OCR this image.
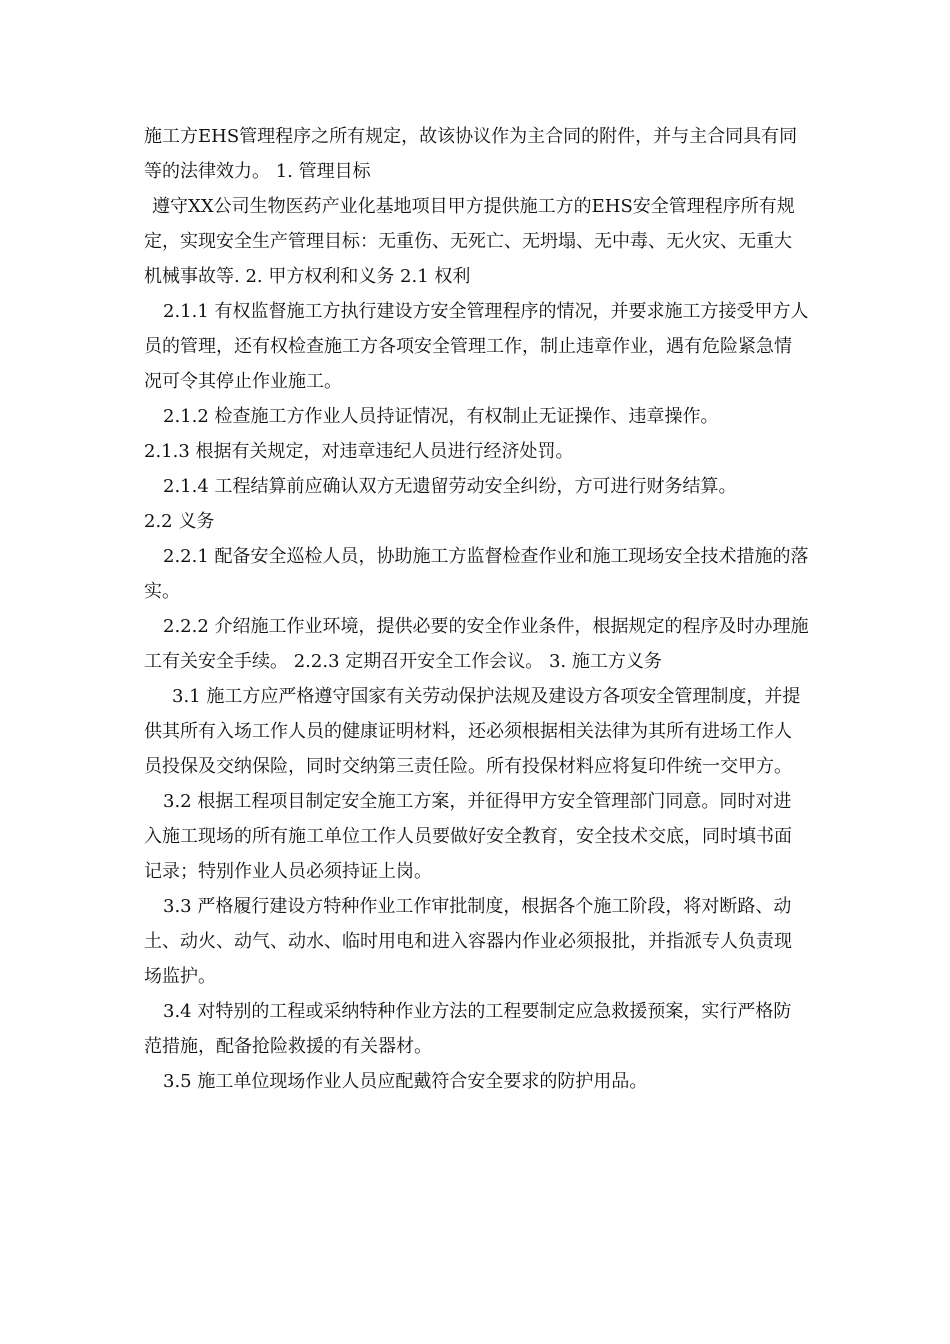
施工方EHS管理程序之所有规定，故该协议作为主合同的附件，并与主合同具有同等的法律效力。 1. 管理目标

遵守XX公司生物医药产业化基地项目甲方提供施工方的EHS安全管理程序所有规定，实现安全生产管理目标：无重伤、无死亡、无坍塌、无中毒、无火灾、无重大机械事故等. 2. 甲方权利和义务 2.1 权利

2.1.1 有权监督施工方执行建设方安全管理程序的情况，并要求施工方接受甲方人员的管理，还有权检查施工方各项安全管理工作，制止违章作业，遇有危险紧急情况可令其停止作业施工。

2.1.2 检查施工方作业人员持证情况，有权制止无证操作、违章操作。

2.1.3 根据有关规定，对违章违纪人员进行经济处罚。

2.1.4 工程结算前应确认双方无遗留劳动安全纠纷，方可进行财务结算。

2.2 义务

2.2.1 配备安全巡检人员，协助施工方监督检查作业和施工现场安全技术措施的落实。

2.2.2 介绍施工作业环境，提供必要的安全作业条件，根据规定的程序及时办理施工有关安全手续。 2.2.3 定期召开安全工作会议。 3. 施工方义务

3.1 施工方应严格遵守国家有关劳动保护法规及建设方各项安全管理制度，并提供其所有入场工作人员的健康证明材料，还必须根据相关法律为其所有进场工作人员投保及交纳保险，同时交纳第三责任险。所有投保材料应将复印件统一交甲方。

3.2 根据工程项目制定安全施工方案，并征得甲方安全管理部门同意。同时对进入施工现场的所有施工单位工作人员要做好安全教育，安全技术交底，同时填书面记录；特别作业人员必须持证上岗。

3.3 严格履行建设方特种作业工作审批制度，根据各个施工阶段，将对断路、动土、动火、动气、动水、临时用电和进入容器内作业必须报批，并指派专人负责现场监护。

3.4 对特别的工程或采纳特种作业方法的工程要制定应急救援预案，实行严格防范措施，配备抢险救援的有关器材。

3.5 施工单位现场作业人员应配戴符合安全要求的防护用品。
